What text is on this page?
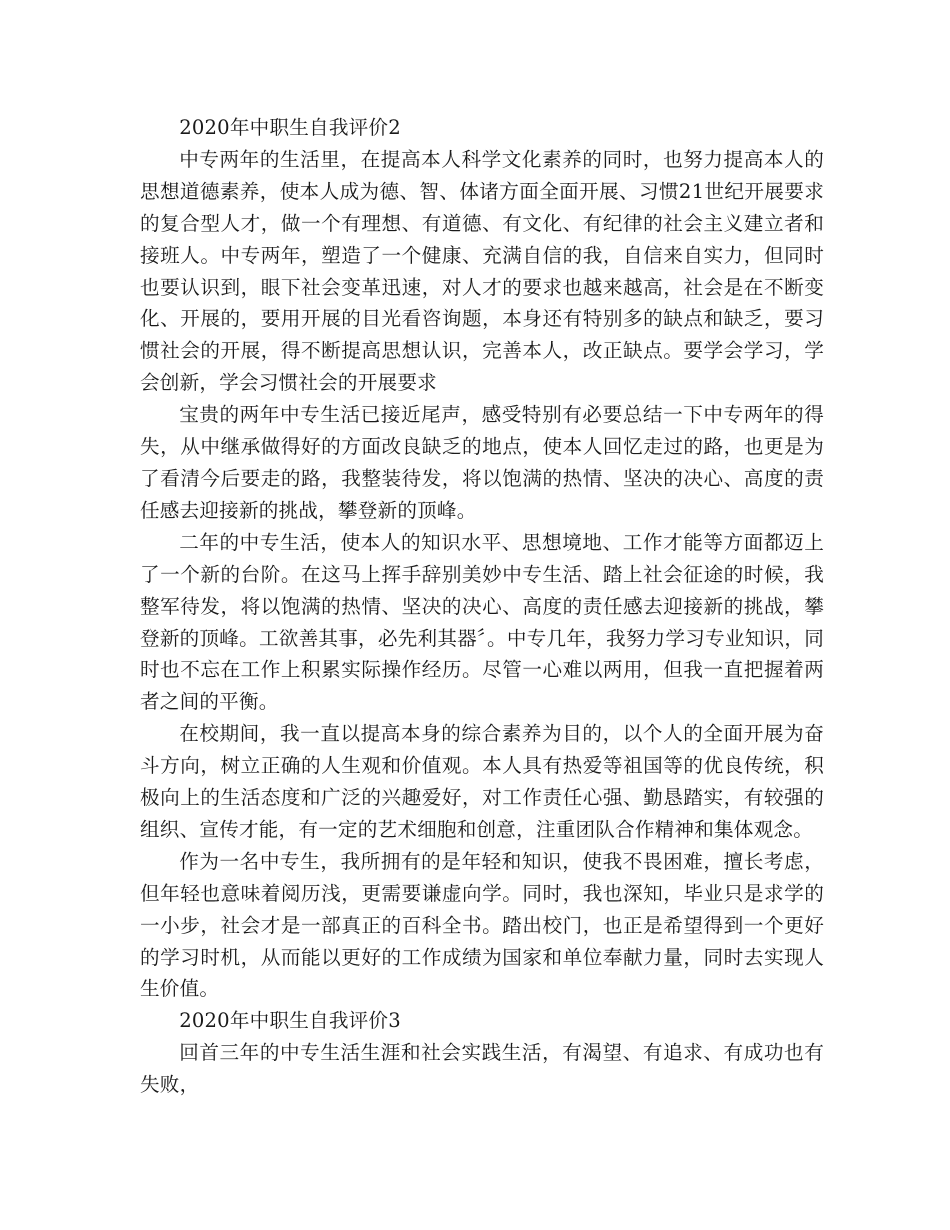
2020年中职生自我评价2

中专两年的生活里，在提高本人科学文化素养的同时，也努力提高本人的思想道德素养，使本人成为德、智、体诸方面全面开展、习惯21世纪开展要求的复合型人才，做一个有理想、有道德、有文化、有纪律的社会主义建立者和接班人。中专两年，塑造了一个健康、充满自信的我，自信来自实力，但同时也要认识到，眼下社会变革迅速，对人才的要求也越来越高，社会是在不断变化、开展的，要用开展的目光看咨询题，本身还有特别多的缺点和缺乏，要习惯社会的开展，得不断提高思想认识，完善本人，改正缺点。要学会学习，学会创新，学会习惯社会的开展要求

宝贵的两年中专生活已接近尾声，感受特别有必要总结一下中专两年的得失，从中继承做得好的方面改良缺乏的地点，使本人回忆走过的路，也更是为了看清今后要走的路，我整装待发，将以饱满的热情、坚决的决心、高度的责任感去迎接新的挑战，攀登新的顶峰。

二年的中专生活，使本人的知识水平、思想境地、工作才能等方面都迈上了一个新的台阶。在这马上挥手辞别美妙中专生活、踏上社会征途的时候，我整军待发，将以饱满的热情、坚决的决心、高度的责任感去迎接新的挑战，攀登新的顶峰。工欲善其事，必先利其器〞。中专几年，我努力学习专业知识，同时也不忘在工作上积累实际操作经历。尽管一心难以两用，但我一直把握着两者之间的平衡。

在校期间，我一直以提高本身的综合素养为目的，以个人的全面开展为奋斗方向，树立正确的人生观和价值观。本人具有热爱等祖国等的优良传统，积极向上的生活态度和广泛的兴趣爱好，对工作责任心强、勤恳踏实，有较强的组织、宣传才能，有一定的艺术细胞和创意，注重团队合作精神和集体观念。

作为一名中专生，我所拥有的是年轻和知识，使我不畏困难，擅长考虑，但年轻也意味着阅历浅，更需要谦虚向学。同时，我也深知，毕业只是求学的一小步，社会才是一部真正的百科全书。踏出校门，也正是希望得到一个更好的学习时机，从而能以更好的工作成绩为国家和单位奉献力量，同时去实现人生价值。

2020年中职生自我评价3

回首三年的中专生活生涯和社会实践生活，有渴望、有追求、有成功也有失败，
